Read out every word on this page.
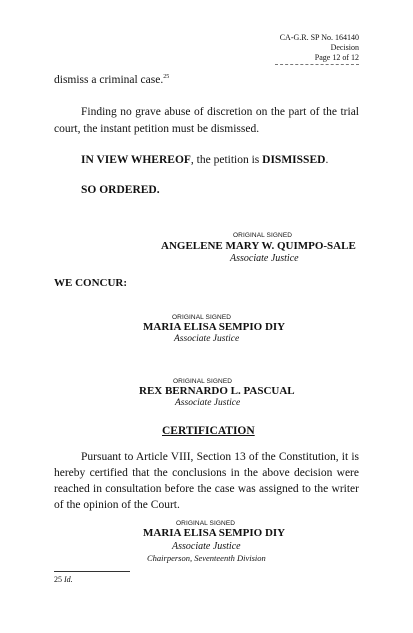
CA-G.R. SP No. 164140
Decision
Page 12 of 12
dismiss a criminal case.$^{25}$
Finding no grave abuse of discretion on the part of the trial court, the instant petition must be dismissed.
IN VIEW WHEREOF, the petition is DISMISSED.
SO ORDERED.
ORIGINAL SIGNED
ANGELENE MARY W. QUIMPO-SALE
Associate Justice
WE CONCUR:
ORIGINAL SIGNED
MARIA ELISA SEMPIO DIY
Associate Justice
ORIGINAL SIGNED
REX BERNARDO L. PASCUAL
Associate Justice
CERTIFICATION
Pursuant to Article VIII, Section 13 of the Constitution, it is hereby certified that the conclusions in the above decision were reached in consultation before the case was assigned to the writer of the opinion of the Court.
ORIGINAL SIGNED
MARIA ELISA SEMPIO DIY
Associate Justice
Chairperson, Seventeenth Division
25 Id.
